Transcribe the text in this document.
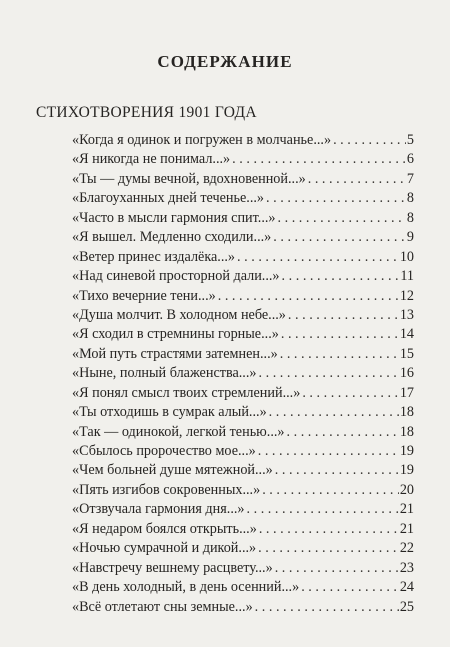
СОДЕРЖАНИЕ
СТИХОТВОРЕНИЯ 1901 ГОДА
«Когда я одинок и погружен в молчанье...» . . .	5
«Я никогда не понимал...» . . .	6
«Ты — думы вечной, вдохновенной...» . . .	7
«Благоуханных дней теченье...» . . .	8
«Часто в мысли гармония спит...» . . .	8
«Я вышел. Медленно сходили...» . . .	9
«Ветер принес издалёка...» . . .	10
«Над синевой просторной дали...» . . .	11
«Тихо вечерние тени...» . . .	12
«Душа молчит. В холодном небе...» . . .	13
«Я сходил в стремнины горные...» . . .	14
«Мой путь страстями затемнен...» . . .	15
«Ныне, полный блаженства...» . . .	16
«Я понял смысл твоих стремлений...» . . .	17
«Ты отходишь в сумрак алый...» . . .	18
«Так — одинокой, легкой тенью...» . . .	18
«Сбылось пророчество мое...» . . .	19
«Чем больней душе мятежной...» . . .	19
«Пять изгибов сокровенных...» . . .	20
«Отзвучала гармония дня...» . . .	21
«Я недаром боялся открыть...» . . .	21
«Ночью сумрачной и дикой...» . . .	22
«Навстречу вешнему расцвету...» . . .	23
«В день холодный, в день осенний...» . . .	24
«Всё отлетают сны земные...» . . .	25
